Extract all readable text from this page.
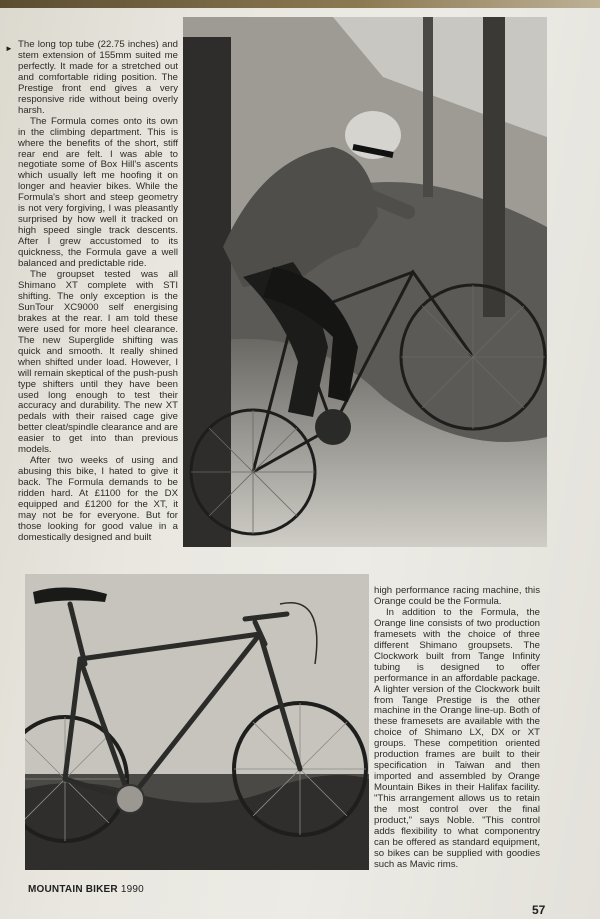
► The long top tube (22.75 inches) and stem extension of 155mm suited me perfectly. It made for a stretched out and comfortable riding position. The Prestige front end gives a very responsive ride without being overly harsh.

The Formula comes onto its own in the climbing department. This is where the benefits of the short, stiff rear end are felt. I was able to negotiate some of Box Hill's ascents which usually left me hoofing it on longer and heavier bikes. While the Formula's short and steep geometry is not very forgiving, I was pleasantly surprised by how well it tracked on high speed single track descents. After I grew accustomed to its quickness, the Formula gave a well balanced and predictable ride.

The groupset tested was all Shimano XT complete with STI shifting. The only exception is the SunTour XC9000 self energising brakes at the rear. I am told these were used for more heel clearance. The new Superglide shifting was quick and smooth. It really shined when shifted under load. However, I will remain skeptical of the push-push type shifters until they have been used long enough to test their accuracy and durability. The new XT pedals with their raised cage give better cleat/spindle clearance and are easier to get into than previous models.

After two weeks of using and abusing this bike, I hated to give it back. The Formula demands to be ridden hard. At £1100 for the DX equipped and £1200 for the XT, it may not be for everyone. But for those looking for good value in a domestically designed and built

high performance racing machine, this Orange could be the Formula.

In addition to the Formula, the Orange line consists of two production framesets with the choice of three different Shimano groupsets. The Clockwork built from Tange Infinity tubing is designed to offer performance in an affordable package. A lighter version of the Clockwork built from Tange Prestige is the other machine in the Orange line-up. Both of these framesets are available with the choice of Shimano LX, DX or XT groups. These competition oriented production frames are built to their specification in Taiwan and then imported and assembled by Orange Mountain Bikes in their Halifax facility. "This arrangement allows us to retain the most control over the final product," says Noble. "This control adds flexibility to what componentry can be offered as standard equipment, so bikes can be supplied with goodies such as Mavic rims.

MOUNTAIN BIKER 1990
57
